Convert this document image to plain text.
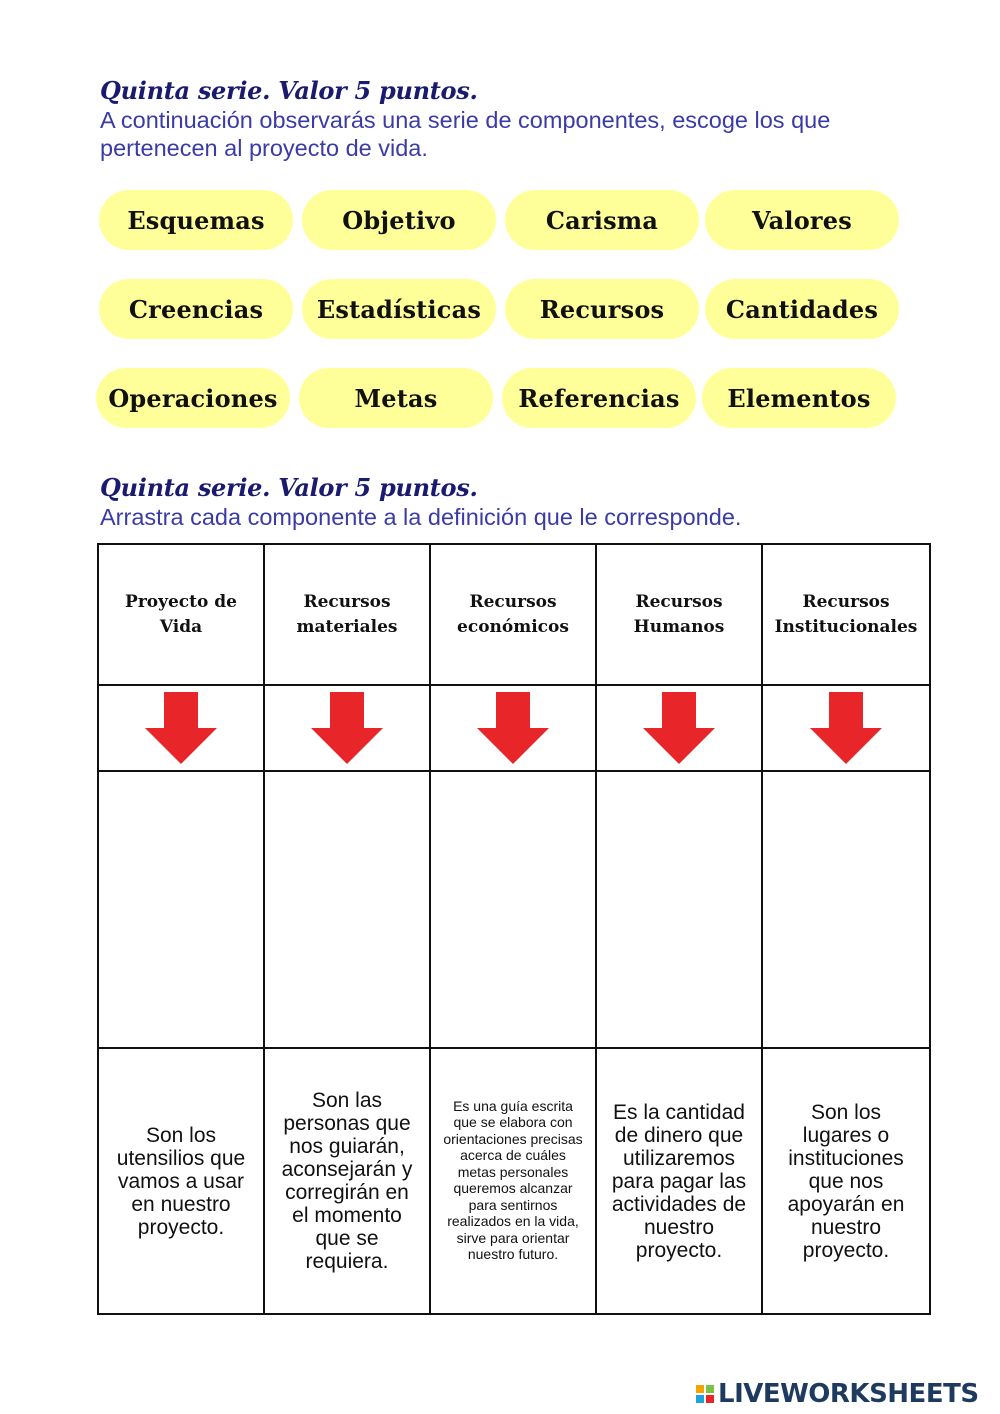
Quinta serie. Valor 5 puntos.

A continuación observarás una serie de componentes, escoge los que pertenecen al proyecto de vida.

Esquemas	Objetivo	Carisma	Valores
Creencias	Estadísticas	Recursos	Cantidades
Operaciones	Metas	Referencias	Elementos
Quinta serie. Valor 5 puntos.

Arrastra cada componente a la definición que le corresponde.

Proyecto de Vida	Recursos materiales	Recursos económicos	Recursos Humanos	Recursos Institucionales

Son los utensilios que vamos a usar en nuestro proyecto.	Son las personas que nos guiarán, aconsejarán y corregirán en el momento que se requiera.	Es una guía escrita que se elabora con orientaciones precisas acerca de cuáles metas personales queremos alcanzar para sentirnos realizados en la vida, sirve para orientar nuestro futuro.	Es la cantidad de dinero que utilizaremos para pagar las actividades de nuestro proyecto.	Son los lugares o instituciones que nos apoyarán en nuestro proyecto.
LIVEWORKSHEETS
